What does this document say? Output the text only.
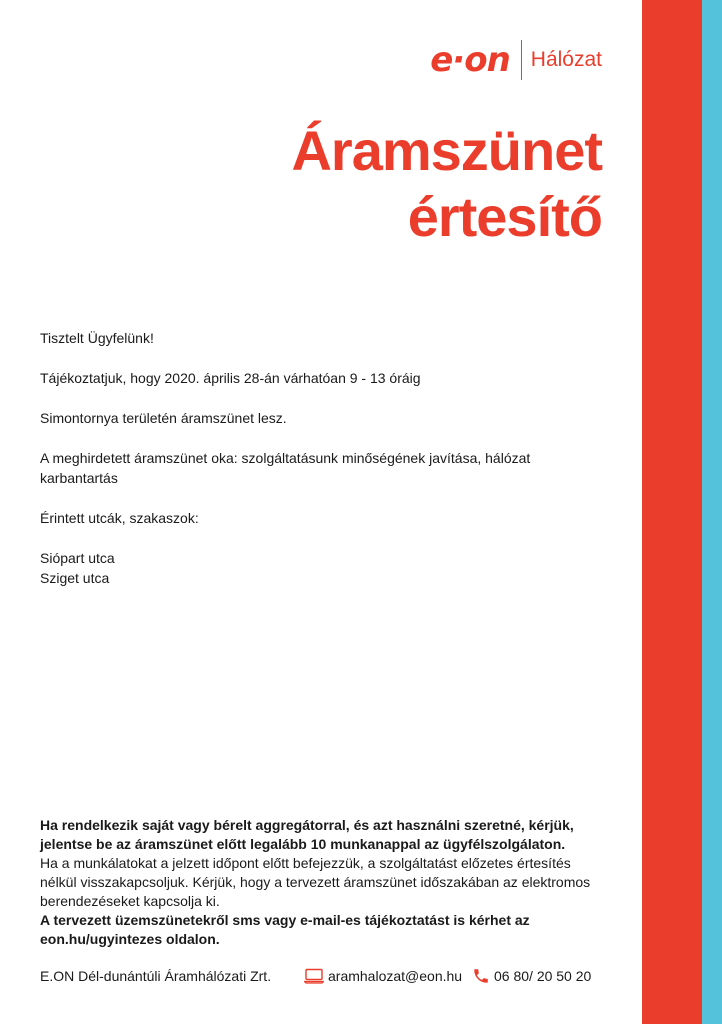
e·on Hálózat
Áramszünet
értesítő

Tisztelt Ügyfelünk!

Tájékoztatjuk, hogy 2020. április 28-án várhatóan 9 - 13 óráig

Simontornya területén áramszünet lesz.

A meghirdetett áramszünet oka: szolgáltatásunk minőségének javítása, hálózat karbantartás

Érintett utcák, szakaszok:

Siópart utca

Sziget utca

Ha rendelkezik saját vagy bérelt aggregátorral, és azt használni szeretné, kérjük, jelentse be az áramszünet előtt legalább 10 munkanappal az ügyfélszolgálaton.

Ha a munkálatokat a jelzett időpont előtt befejezzük, a szolgáltatást előzetes értesítés nélkül visszakapcsoljuk. Kérjük, hogy a tervezett áramszünet időszakában az elektromos berendezéseket kapcsolja ki.

A tervezett üzemszünetekről sms vagy e-mail-es tájékoztatást is kérhet az eon.hu/ugyintezes oldalon.

E.ON Dél-dunántúli Áramhálózati Zrt.	aramhalozat@eon.hu 06 80/ 20 50 20
